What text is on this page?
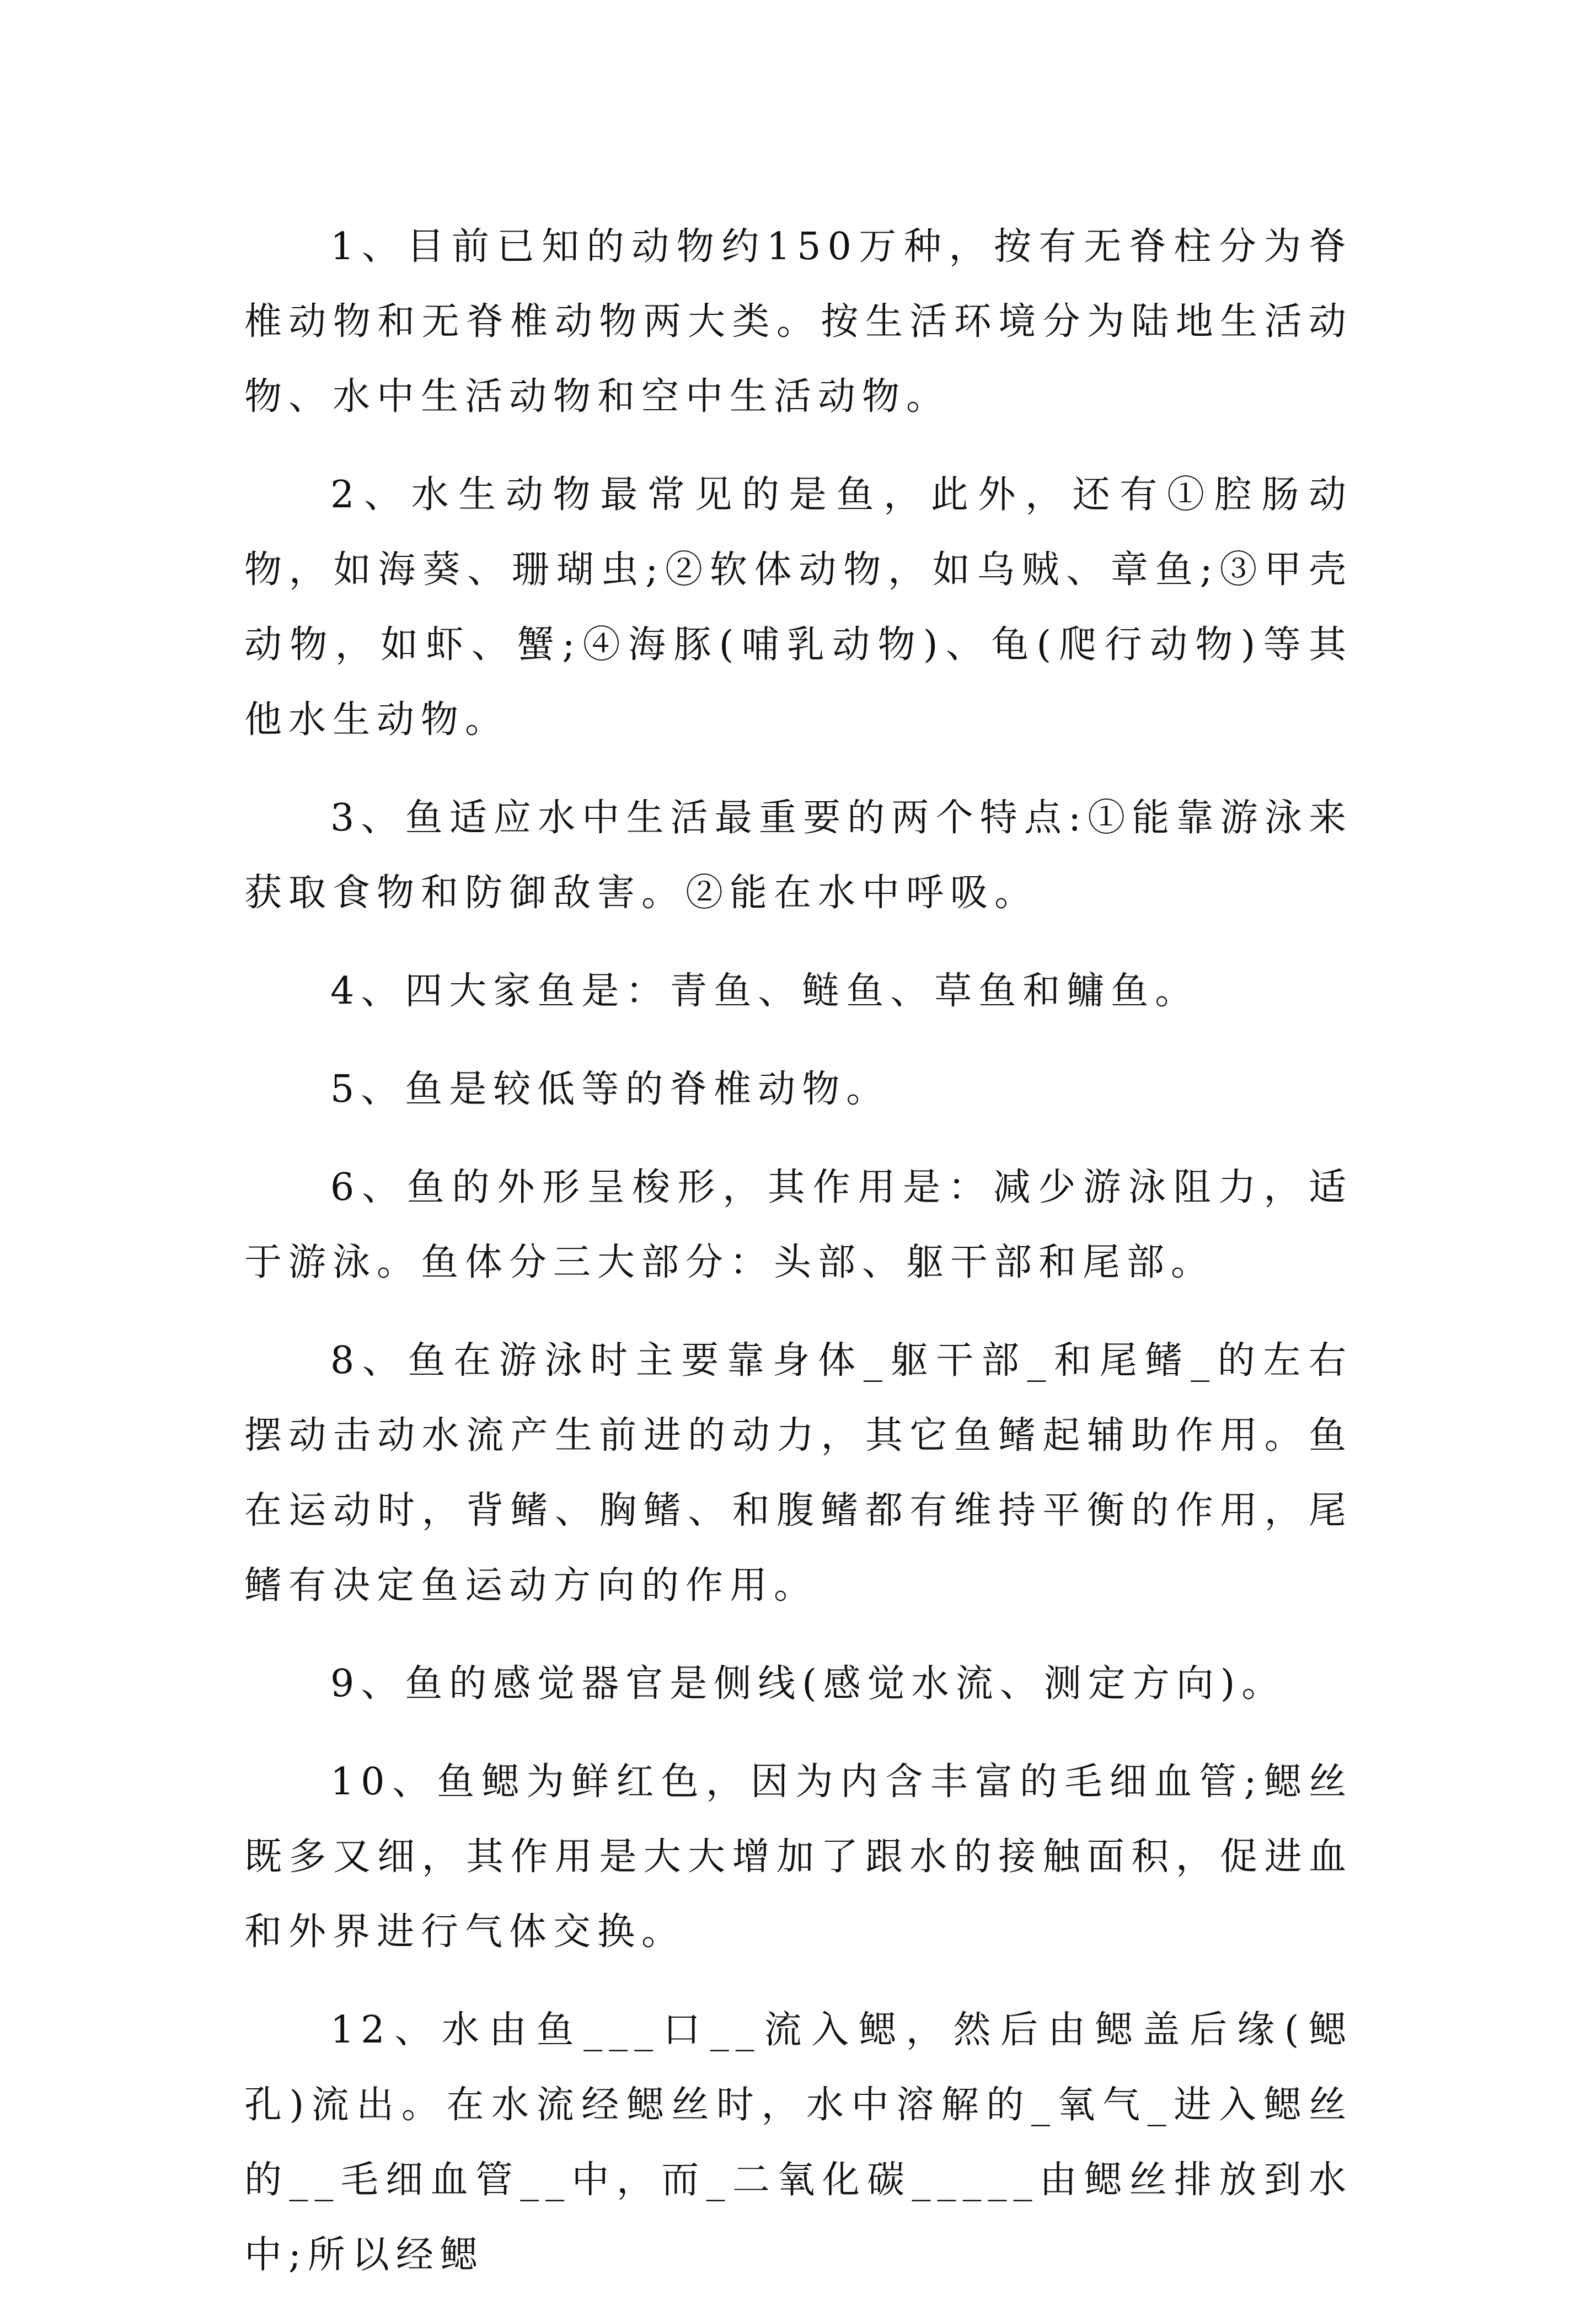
1、目前已知的动物约150万种，按有无脊柱分为脊椎动物和无脊椎动物两大类。按生活环境分为陆地生活动物、水中生活动物和空中生活动物。

2、水生动物最常见的是鱼，此外，还有①腔肠动物，如海葵、珊瑚虫;②软体动物，如乌贼、章鱼;③甲壳动物，如虾、蟹;④海豚(哺乳动物)、龟(爬行动物)等其他水生动物。

3、鱼适应水中生活最重要的两个特点:①能靠游泳来获取食物和防御敌害。②能在水中呼吸。

4、四大家鱼是：青鱼、鲢鱼、草鱼和鳙鱼。

5、鱼是较低等的脊椎动物。

6、鱼的外形呈梭形，其作用是：减少游泳阻力，适于游泳。鱼体分三大部分：头部、躯干部和尾部。

8、鱼在游泳时主要靠身体_躯干部_和尾鳍_的左右摆动击动水流产生前进的动力，其它鱼鳍起辅助作用。鱼在运动时，背鳍、胸鳍、和腹鳍都有维持平衡的作用，尾鳍有决定鱼运动方向的作用。

9、鱼的感觉器官是侧线(感觉水流、测定方向)。

10、鱼鳃为鲜红色，因为内含丰富的毛细血管;鳃丝既多又细，其作用是大大增加了跟水的接触面积，促进血和外界进行气体交换。

12、水由鱼___口__流入鳃，然后由鳃盖后缘(鳃孔)流出。在水流经鳃丝时，水中溶解的_氧气_进入鳃丝的__毛细血管__中，而_二氧化碳_____由鳃丝排放到水中;所以经鳃
